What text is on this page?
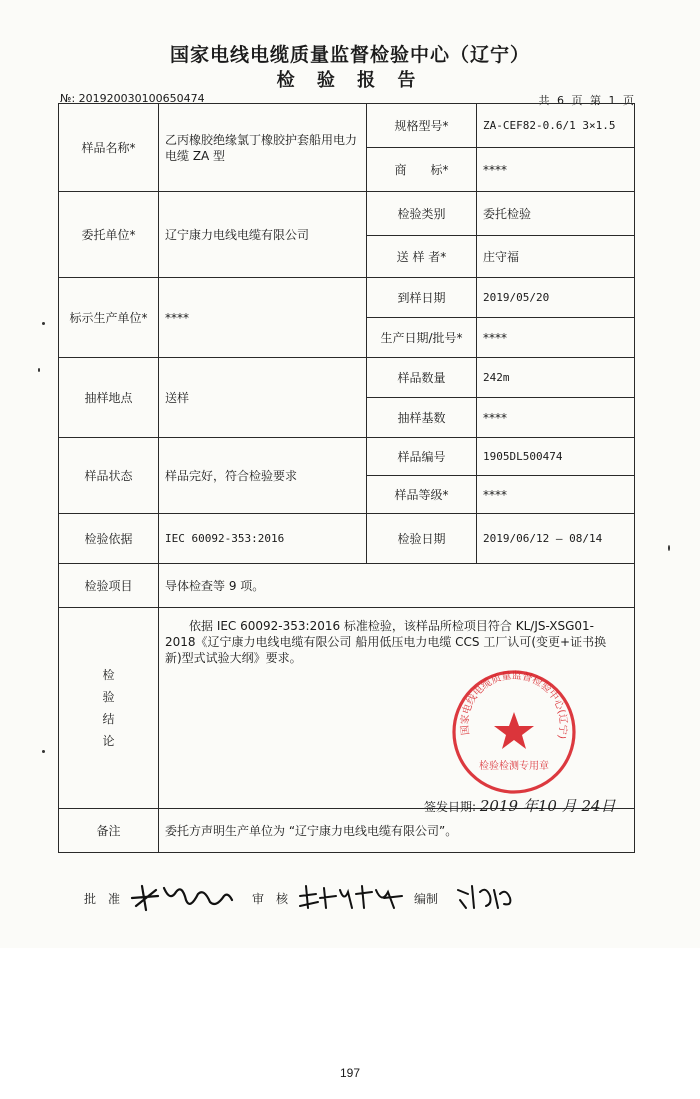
国家电线电缆质量监督检验中心（辽宁）
检 验 报 告
№: 201920030100650474	共 6 页 第 1 页
样品名称*	乙丙橡胶绝缘氯丁橡胶护套船用电力电缆 ZA 型	规格型号*	ZA-CEF82-0.6/1 3×1.5
		商　　标*	****
委托单位*	辽宁康力电线电缆有限公司	检验类别	委托检验
		送 样 者*	庄守福
标示生产单位*	****	到样日期	2019/05/20
		生产日期/批号*	****
抽样地点	送样	样品数量	242m
		抽样基数	****
样品状态	样品完好，符合检验要求	样品编号	1905DL500474
		样品等级*	****
检验依据	IEC 60092-353:2016	检验日期	2019/06/12 — 08/14
检验项目	导体检查等 9 项。		
检
验
结
论	依据 IEC 60092-353:2016 标准检验，该样品所检项目符合 KL/JS-XSG01-2018《辽宁康力电线电缆有限公司 船用低压电力电缆 CCS 工厂认可(变更+证书换新)型式试验大纲》要求。		

备注	委托方声明生产单位为 “辽宁康力电线电缆有限公司”。		
国家电线电缆质量监督检验中心(辽宁)
检验检测专用章
签发日期: 2019 年10 月 24日
批　准	审　核	编制
197
